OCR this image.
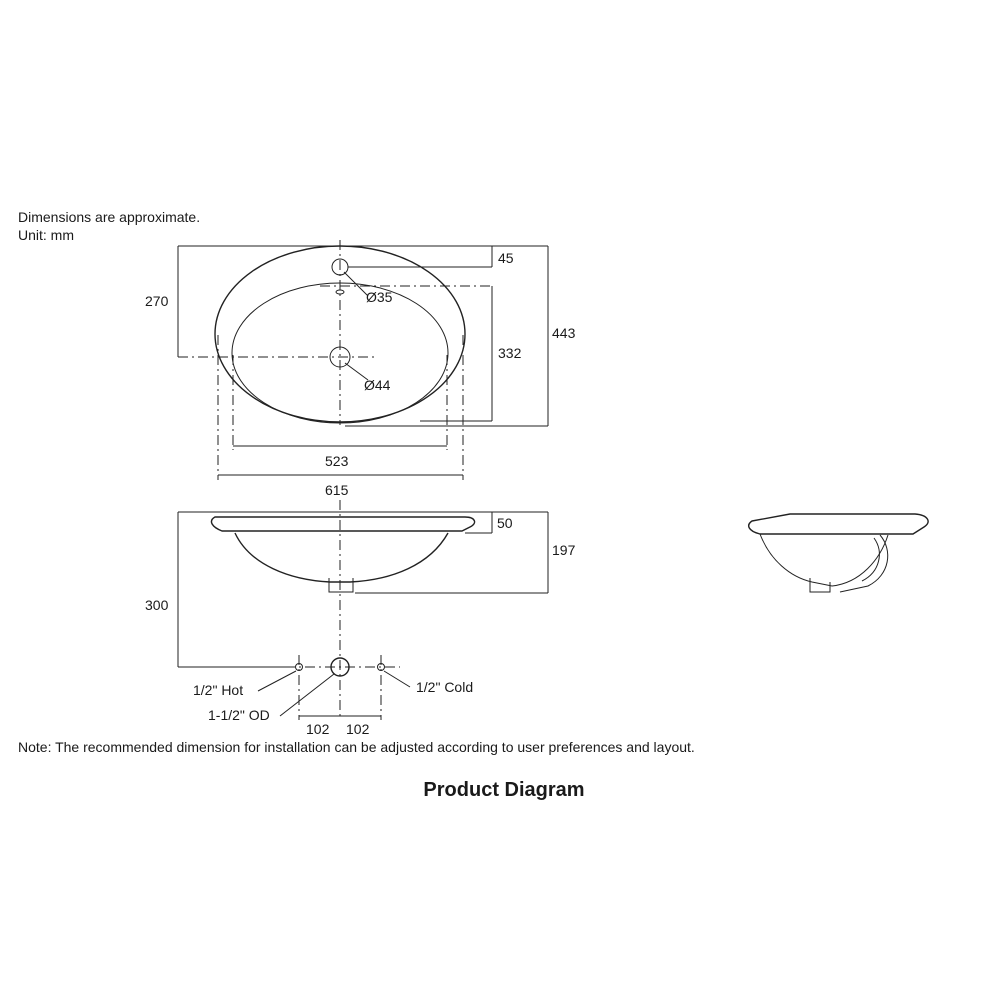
Dimensions are approximate.
Unit: mm
270
45
332
443
Ø35
Ø44
523
615
50
197
300
1/2" Hot
1-1/2" OD
1/2" Cold
102 102
Note: The recommended dimension for installation can be adjusted according to user preferences and layout.
Product Diagram
